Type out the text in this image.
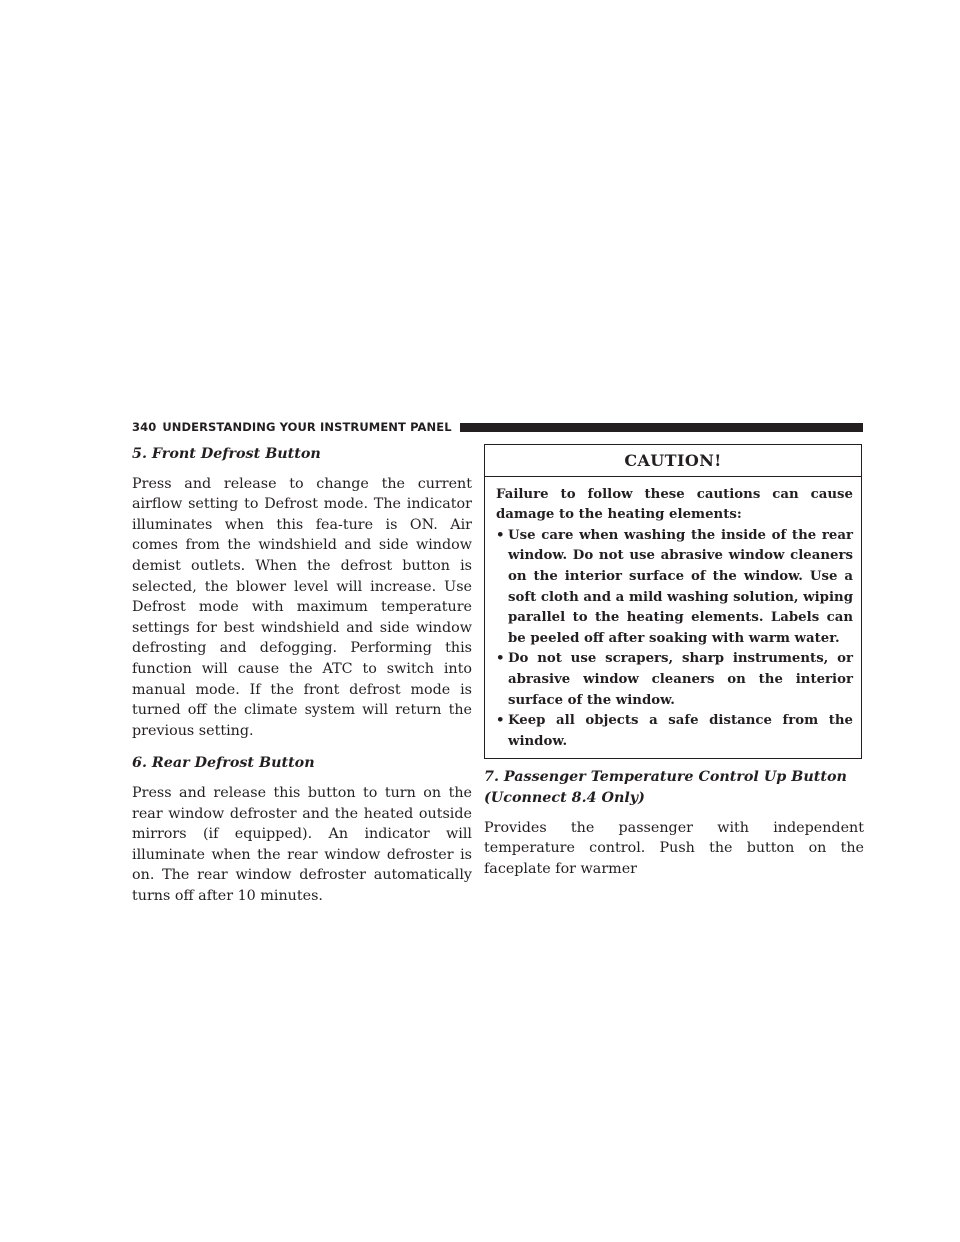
340 UNDERSTANDING YOUR INSTRUMENT PANEL
5. Front Defrost Button

Press and release to change the current airflow setting to Defrost mode. The indicator illuminates when this fea-ture is ON. Air comes from the windshield and side window demist outlets. When the defrost button is selected, the blower level will increase. Use Defrost mode with maximum temperature settings for best windshield and side window defrosting and defogging. Performing this function will cause the ATC to switch into manual mode. If the front defrost mode is turned off the climate system will return the previous setting.

6. Rear Defrost Button

Press and release this button to turn on the rear window defroster and the heated outside mirrors (if equipped). An indicator will illuminate when the rear window defroster is on. The rear window defroster automatically turns off after 10 minutes.

CAUTION!

Failure to follow these cautions can cause damage to the heating elements:

• Use care when washing the inside of the rear window. Do not use abrasive window cleaners on the interior surface of the window. Use a soft cloth and a mild washing solution, wiping parallel to the heating elements. Labels can be peeled off after soaking with warm water.
• Do not use scrapers, sharp instruments, or abrasive window cleaners on the interior surface of the window.
• Keep all objects a safe distance from the window.
7. Passenger Temperature Control Up Button (Uconnect 8.4 Only)

Provides the passenger with independent temperature control. Push the button on the faceplate for warmer
